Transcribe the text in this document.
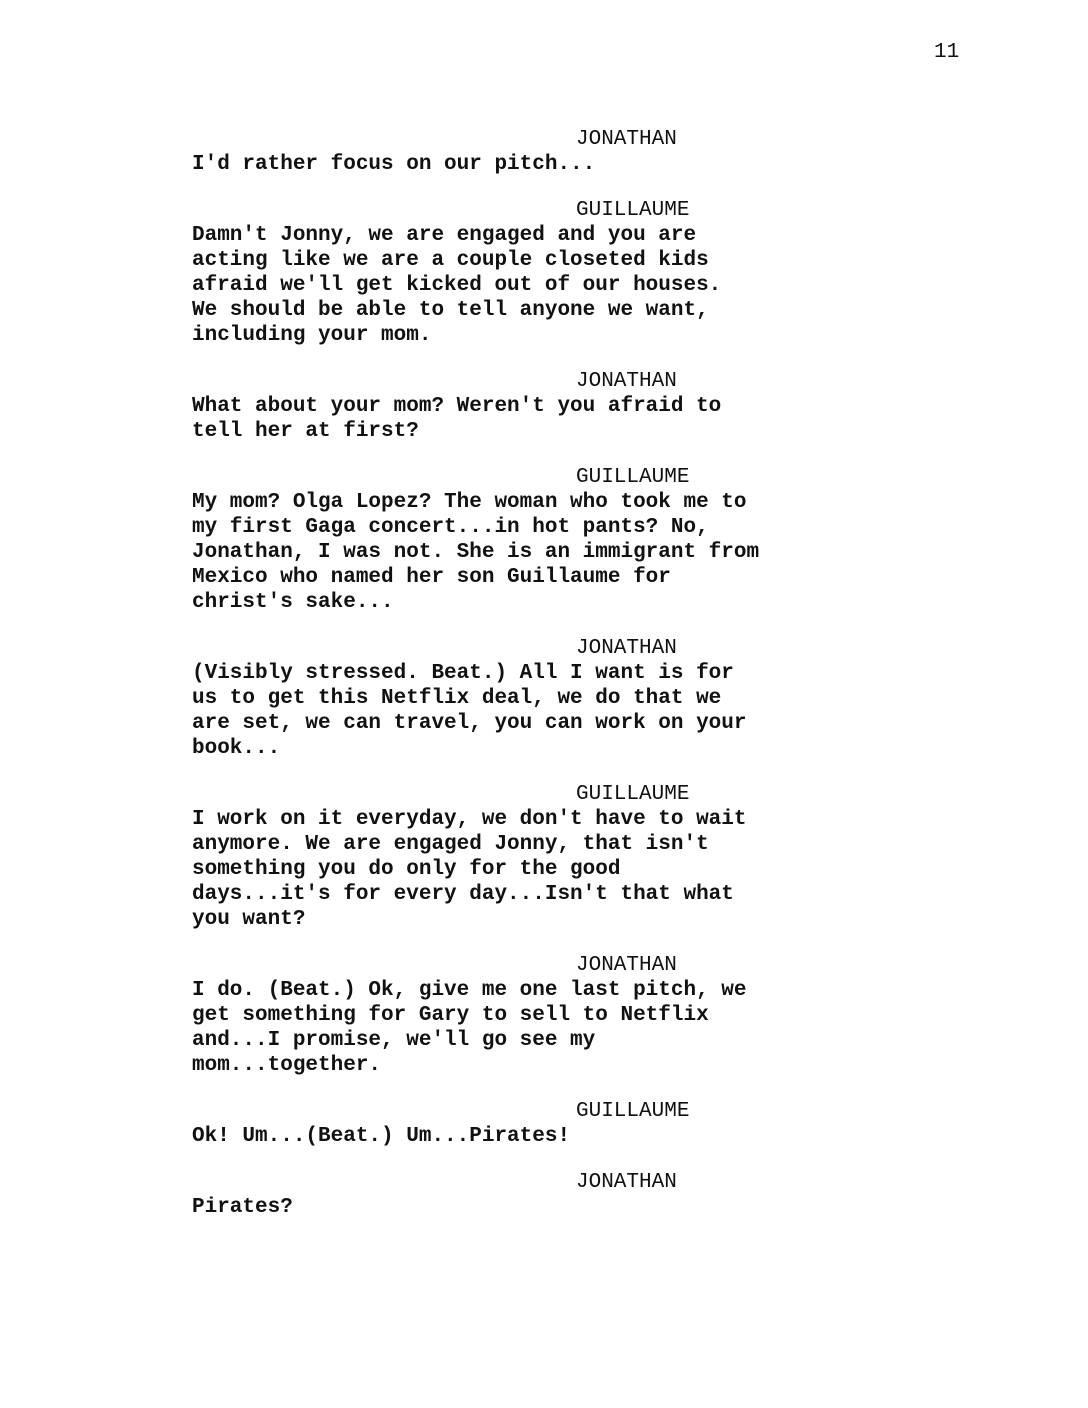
11
JONATHAN
I'd rather focus on our pitch...
GUILLAUME
Damn't Jonny, we are engaged and you are
acting like we are a couple closeted kids
afraid we'll get kicked out of our houses.
We should be able to tell anyone we want,
including your mom.
JONATHAN
What about your mom? Weren't you afraid to
tell her at first?
GUILLAUME
My mom? Olga Lopez? The woman who took me to
my first Gaga concert...in hot pants? No,
Jonathan, I was not. She is an immigrant from
Mexico who named her son Guillaume for
christ's sake...
JONATHAN
(Visibly stressed. Beat.) All I want is for
us to get this Netflix deal, we do that we
are set, we can travel, you can work on your
book...
GUILLAUME
I work on it everyday, we don't have to wait
anymore. We are engaged Jonny, that isn't
something you do only for the good
days...it's for every day...Isn't that what
you want?
JONATHAN
I do. (Beat.) Ok, give me one last pitch, we
get something for Gary to sell to Netflix
and...I promise, we'll go see my
mom...together.
GUILLAUME
Ok! Um...(Beat.) Um...Pirates!
JONATHAN
Pirates?
